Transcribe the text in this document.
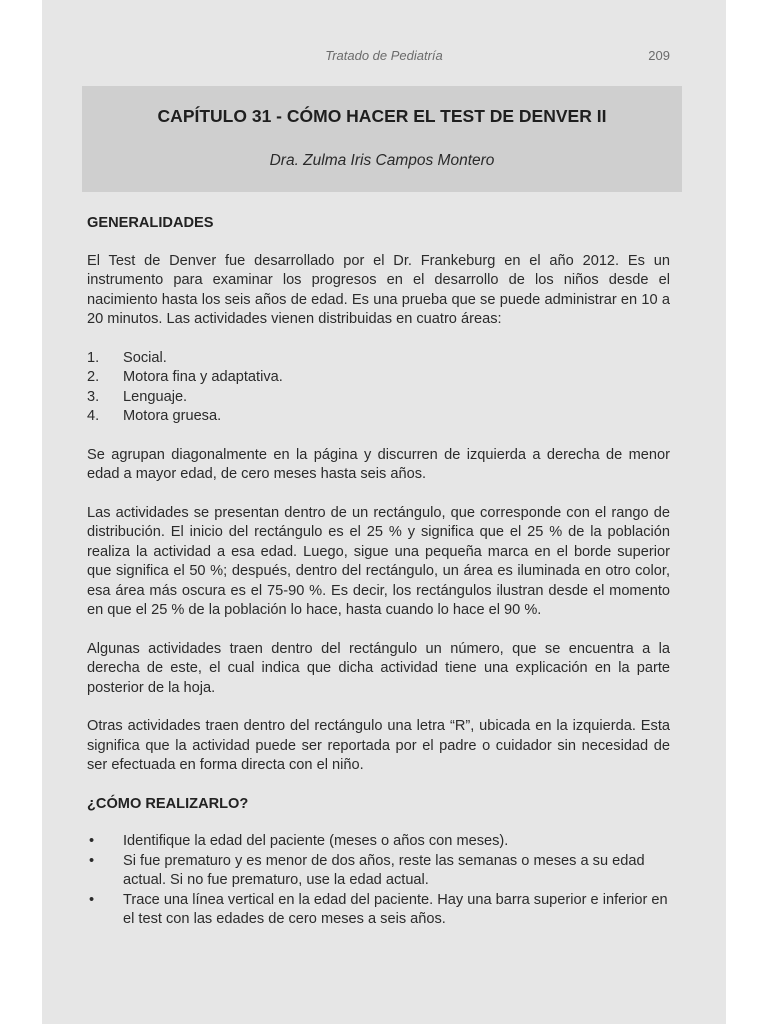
Tratado de Pediatría	209
CAPÍTULO 31 - CÓMO HACER EL TEST DE DENVER II
Dra. Zulma Iris Campos Montero
GENERALIDADES

El Test de Denver fue desarrollado por el Dr. Frankeburg en el año 2012. Es un instrumento para examinar los progresos en el desarrollo de los niños desde el nacimiento hasta los seis años de edad. Es una prueba que se puede administrar en 10 a 20 minutos. Las actividades vienen distribuidas en cuatro áreas:

1. Social.
2. Motora fina y adaptativa.
3. Lenguaje.
4. Motora gruesa.

Se agrupan diagonalmente en la página y discurren de izquierda a derecha de menor edad a mayor edad, de cero meses hasta seis años.

Las actividades se presentan dentro de un rectángulo, que corresponde con el rango de distribución. El inicio del rectángulo es el 25 % y significa que el 25 % de la población realiza la actividad a esa edad. Luego, sigue una pequeña marca en el borde superior que significa el 50 %; después, dentro del rectángulo, un área es iluminada en otro color, esa área más oscura es el 75-90 %. Es decir, los rectángulos ilustran desde el momento en que el 25 % de la población lo hace, hasta cuando lo hace el 90 %.

Algunas actividades traen dentro del rectángulo un número, que se encuentra a la derecha de este, el cual indica que dicha actividad tiene una explicación en la parte posterior de la hoja.

Otras actividades traen dentro del rectángulo una letra “R”, ubicada en la izquierda. Esta significa que la actividad puede ser reportada por el padre o cuidador sin necesidad de ser efectuada en forma directa con el niño.

¿CÓMO REALIZARLO?
• Identifique la edad del paciente (meses o años con meses).
• Si fue prematuro y es menor de dos años, reste las semanas o meses a su edad actual. Si no fue prematuro, use la edad actual.
• Trace una línea vertical en la edad del paciente. Hay una barra superior e inferior en el test con las edades de cero meses a seis años.
